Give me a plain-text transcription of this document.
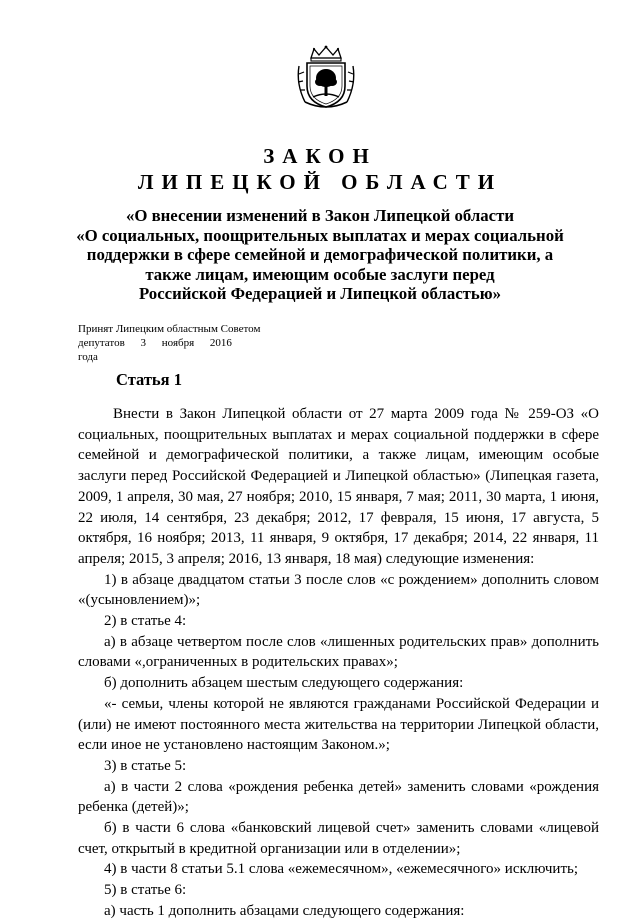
ЗАКОН
ЛИПЕЦКОЙ ОБЛАСТИ
«О внесении изменений в Закон Липецкой области
«О социальных, поощрительных выплатах и мерах социальной
поддержки в сфере семейной и демографической политики, а
также лицам, имеющим особые заслуги перед
Российской Федерацией и Липецкой областью»
Принят Липецким областным Советом
депутатов 3 ноября 2016 года
Статья 1

Внести в Закон Липецкой области от 27 марта 2009 года № 259-ОЗ «О социальных, поощрительных выплатах и мерах социальной поддержки в сфере семейной и демографической политики, а также лицам, имеющим особые заслуги перед Российской Федерацией и Липецкой областью» (Липецкая газета, 2009, 1 апреля, 30 мая, 27 ноября; 2010, 15 января, 7 мая; 2011, 30 марта, 1 июня, 22 июля, 14 сентября, 23 декабря; 2012, 17 февраля, 15 июня, 17 августа, 5 октября, 16 ноября; 2013, 11 января, 9 октября, 17 декабря; 2014, 22 января, 11 апреля; 2015, 3 апреля; 2016, 13 января, 18 мая) следующие изменения:

1) в абзаце двадцатом статьи 3 после слов «с рождением» дополнить словом «(усыновлением)»;

2) в статье 4:

а) в абзаце четвертом после слов «лишенных родительских прав» дополнить словами «,ограниченных в родительских правах»;

б) дополнить абзацем шестым следующего содержания:

«- семьи, члены которой не являются гражданами Российской Федерации и (или) не имеют постоянного места жительства на территории Липецкой области, если иное не установлено настоящим Законом.»;

3) в статье 5:

а) в части 2 слова «рождения ребенка детей» заменить словами «рождения ребенка (детей)»;

б) в части 6 слова «банковский лицевой счет» заменить словами «лицевой счет, открытый в кредитной организации или в отделении»;

4) в части 8 статьи 5.1 слова «ежемесячном», «ежемесячного» исключить;

5) в статье 6:

а) часть 1 дополнить абзацами следующего содержания:
